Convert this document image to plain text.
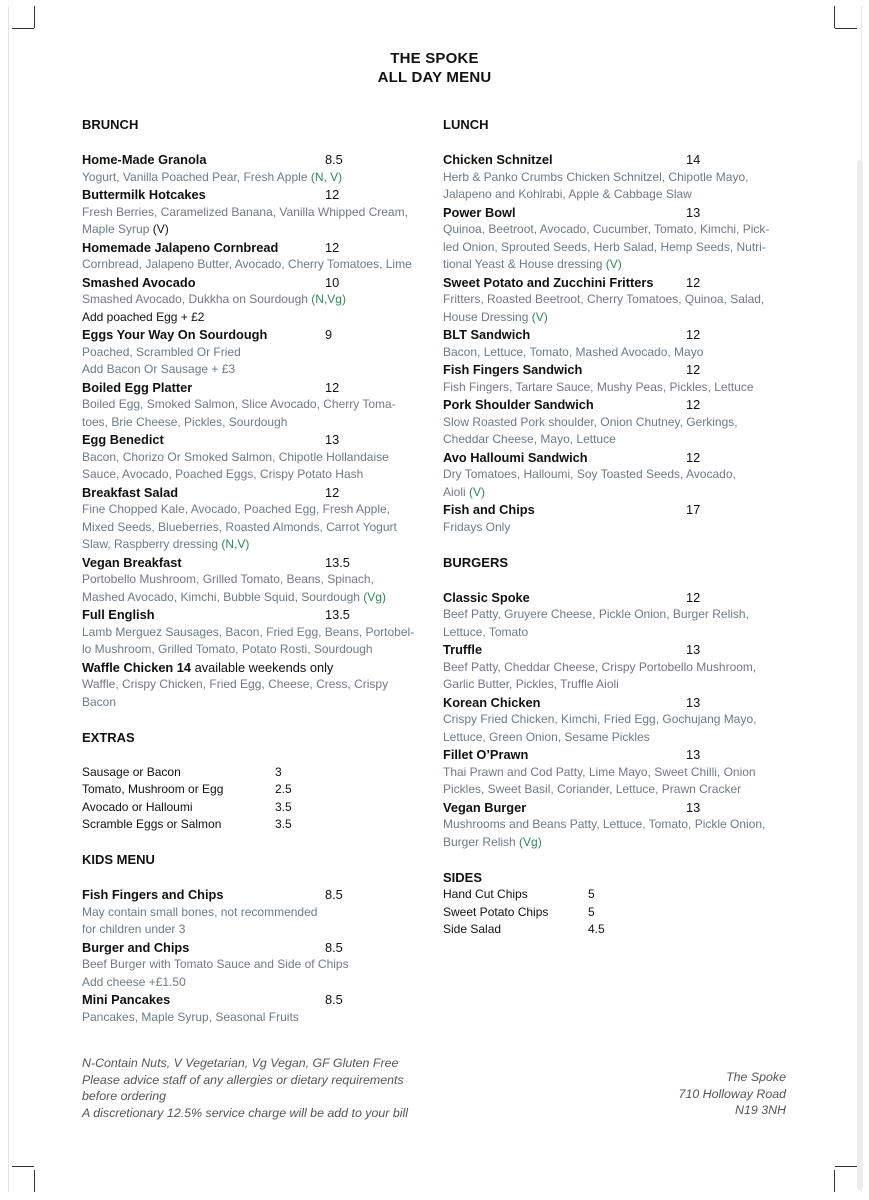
THE SPOKE
ALL DAY MENU
BRUNCH
Home-Made Granola	8.5
Yogurt, Vanilla Poached Pear, Fresh Apple (N, V)
Buttermilk Hotcakes	12
Fresh Berries, Caramelized Banana, Vanilla Whipped Cream,
Maple Syrup (V)
Homemade Jalapeno Cornbread	12
Cornbread, Jalapeno Butter, Avocado, Cherry Tomatoes, Lime
Smashed Avocado	10
Smashed Avocado, Dukkha on Sourdough (N,Vg)
Add poached Egg + £2
Eggs Your Way On Sourdough	9
Poached, Scrambled Or Fried
Add Bacon Or Sausage + £3
Boiled Egg Platter	12
Boiled Egg, Smoked Salmon, Slice Avocado, Cherry Toma-
toes, Brie Cheese, Pickles, Sourdough
Egg Benedict	13
Bacon, Chorizo Or Smoked Salmon, Chipotle Hollandaise
Sauce, Avocado, Poached Eggs, Crispy Potato Hash
Breakfast Salad	12
Fine Chopped Kale, Avocado, Poached Egg, Fresh Apple,
Mixed Seeds, Blueberries, Roasted Almonds, Carrot Yogurt
Slaw, Raspberry dressing (N,V)
Vegan Breakfast	13.5
Portobello Mushroom, Grilled Tomato, Beans, Spinach,
Mashed Avocado, Kimchi, Bubble Squid, Sourdough (Vg)
Full English	13.5
Lamb Merguez Sausages, Bacon, Fried Egg, Beans, Portobel-
lo Mushroom, Grilled Tomato, Potato Rosti, Sourdough
Waffle Chicken 14 available weekends only
Waffle, Crispy Chicken, Fried Egg, Cheese, Cress, Crispy
Bacon
EXTRAS
Sausage or Bacon	3
Tomato, Mushroom or Egg	2.5
Avocado or Halloumi	3.5
Scramble Eggs or Salmon	3.5
KIDS MENU
Fish Fingers and Chips	8.5
May contain small bones, not recommended
for children under 3
Burger and Chips	8.5
Beef Burger with Tomato Sauce and Side of Chips
Add cheese +£1.50
Mini Pancakes	8.5
Pancakes, Maple Syrup, Seasonal Fruits
LUNCH
Chicken Schnitzel	14
Herb & Panko Crumbs Chicken Schnitzel, Chipotle Mayo,
Jalapeno and Kohlrabi, Apple & Cabbage Slaw
Power Bowl	13
Quinoa, Beetroot, Avocado, Cucumber, Tomato, Kimchi, Pick-
led Onion, Sprouted Seeds, Herb Salad, Hemp Seeds, Nutri-
tional Yeast & House dressing (V)
Sweet Potato and Zucchini Fritters	12
Fritters, Roasted Beetroot, Cherry Tomatoes, Quinoa, Salad,
House Dressing (V)
BLT Sandwich	12
Bacon, Lettuce, Tomato, Mashed Avocado, Mayo
Fish Fingers Sandwich	12
Fish Fingers, Tartare Sauce, Mushy Peas, Pickles, Lettuce
Pork Shoulder Sandwich	12
Slow Roasted Pork shoulder, Onion Chutney, Gerkings,
Cheddar Cheese, Mayo, Lettuce
Avo Halloumi Sandwich	12
Dry Tomatoes, Halloumi, Soy Toasted Seeds, Avocado,
Aioli (V)
Fish and Chips	17
Fridays Only
BURGERS
Classic Spoke	12
Beef Patty, Gruyere Cheese, Pickle Onion, Burger Relish,
Lettuce, Tomato
Truffle	13
Beef Patty, Cheddar Cheese, Crispy Portobello Mushroom,
Garlic Butter, Pickles, Truffle Aioli
Korean Chicken	13
Crispy Fried Chicken, Kimchi, Fried Egg, Gochujang Mayo,
Lettuce, Green Onion, Sesame Pickles
Fillet O’Prawn	13
Thai Prawn and Cod Patty, Lime Mayo, Sweet Chilli, Onion
Pickles, Sweet Basil, Coriander, Lettuce, Prawn Cracker
Vegan Burger	13
Mushrooms and Beans Patty, Lettuce, Tomato, Pickle Onion,
Burger Relish (Vg)
SIDES
Hand Cut Chips	5
Sweet Potato Chips	5
Side Salad	4.5
N-Contain Nuts, V Vegetarian, Vg Vegan, GF Gluten Free
Please advice staff of any allergies or dietary requirements
before ordering
A discretionary 12.5% service charge will be add to your bill
The Spoke
710 Holloway Road
N19 3NH
